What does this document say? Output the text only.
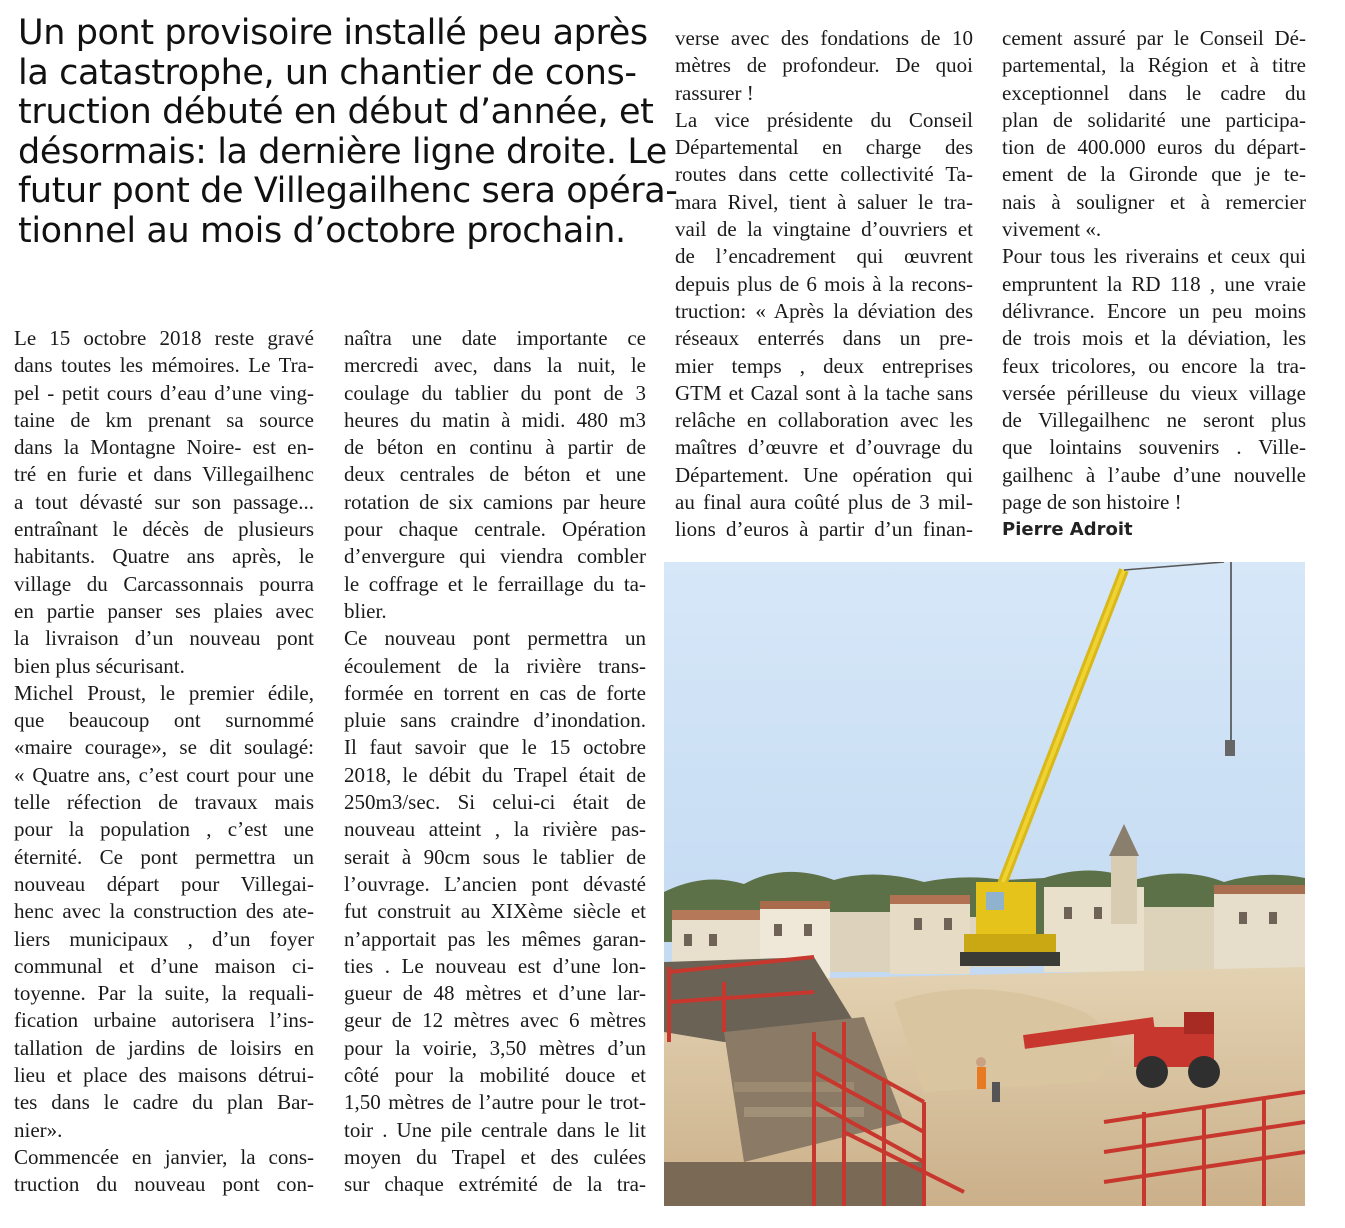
Un pont provisoire installé peu après
la catastrophe, un chantier de cons-
truction débuté en début d’année, et
désormais: la dernière ligne droite. Le
futur pont de Villegailhenc sera opéra-
tionnel au mois d’octobre prochain.
Le 15 octobre 2018 reste gravé
dans toutes les mémoires. Le Tra-
pel - petit cours d’eau d’une ving-
taine de km prenant sa source
dans la Montagne Noire- est en-
tré en furie et dans Villegailhenc
a tout dévasté sur son passage...
entraînant le décès de plusieurs
habitants. Quatre ans après, le
village du Carcassonnais pourra
en partie panser ses plaies avec
la livraison d’un nouveau pont
bien plus sécurisant.
Michel Proust, le premier édile,
que beaucoup ont surnommé
«maire courage», se dit soulagé:
« Quatre ans, c’est court pour une
telle réfection de travaux mais
pour la population , c’est une
éternité. Ce pont permettra un
nouveau départ pour Villegai-
henc avec la construction des ate-
liers municipaux , d’un foyer
communal et d’une maison ci-
toyenne. Par la suite, la requali-
fication urbaine autorisera l’ins-
tallation de jardins de loisirs en
lieu et place des maisons détrui-
tes dans le cadre du plan Bar-
nier».
Commencée en janvier, la cons-
truction du nouveau pont con-
naîtra une date importante ce
mercredi avec, dans la nuit, le
coulage du tablier du pont de 3
heures du matin à midi. 480 m3
de béton en continu à partir de
deux centrales de béton et une
rotation de six camions par heure
pour chaque centrale. Opération
d’envergure qui viendra combler
le coffrage et le ferraillage du ta-
blier.
Ce nouveau pont permettra un
écoulement de la rivière trans-
formée en torrent en cas de forte
pluie sans craindre d’inondation.
Il faut savoir que le 15 octobre
2018, le débit du Trapel était de
250m3/sec. Si celui-ci était de
nouveau atteint , la rivière pas-
serait à 90cm sous le tablier de
l’ouvrage. L’ancien pont dévasté
fut construit au XIXème siècle et
n’apportait pas les mêmes garan-
ties . Le nouveau est d’une lon-
gueur de 48 mètres et d’une lar-
geur de 12 mètres avec 6 mètres
pour la voirie, 3,50 mètres d’un
côté pour la mobilité douce et
1,50 mètres de l’autre pour le trot-
toir . Une pile centrale dans le lit
moyen du Trapel et des culées
sur chaque extrémité de la tra-
verse avec des fondations de 10
mètres de profondeur. De quoi
rassurer !
La vice présidente du Conseil
Départemental en charge des
routes dans cette collectivité Ta-
mara Rivel, tient à saluer le tra-
vail de la vingtaine d’ouvriers et
de l’encadrement qui œuvrent
depuis plus de 6 mois à la recons-
truction: « Après la déviation des
réseaux enterrés dans un pre-
mier temps , deux entreprises
GTM et Cazal sont à la tache sans
relâche en collaboration avec les
maîtres d’œuvre et d’ouvrage du
Département. Une opération qui
au final aura coûté plus de 3 mil-
lions d’euros à partir d’un finan-
cement assuré par le Conseil Dé-
partemental, la Région et à titre
exceptionnel dans le cadre du
plan de solidarité une participa-
tion de 400.000 euros du départ-
ement de la Gironde que je te-
nais à souligner et à remercier
vivement «.
Pour tous les riverains et ceux qui
empruntent la RD 118 , une vraie
délivrance. Encore un peu moins
de trois mois et la déviation, les
feux tricolores, ou encore la tra-
versée périlleuse du vieux village
de Villegailhenc ne seront plus
que lointains souvenirs . Ville-
gailhenc à l’aube d’une nouvelle
page de son histoire !
Pierre Adroit
